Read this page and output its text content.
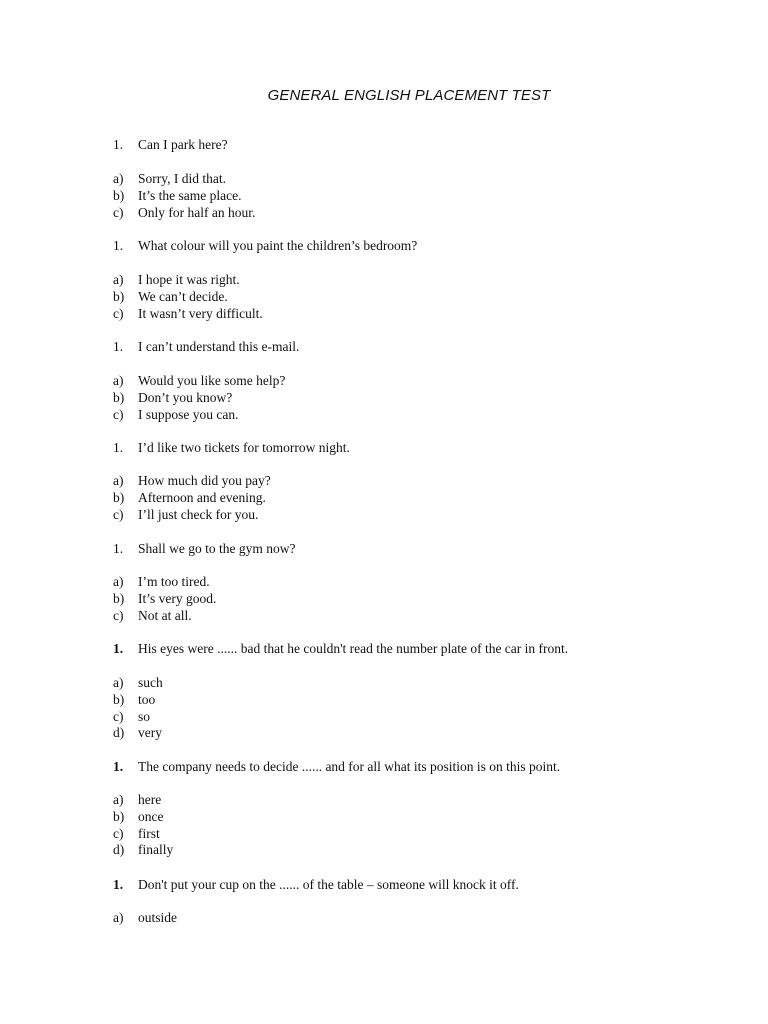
GENERAL ENGLISH PLACEMENT TEST
1. Can I park here?
a) Sorry, I did that.
b) It’s the same place.
c) Only for half an hour.
1. What colour will you paint the children’s bedroom?
a) I hope it was right.
b) We can’t decide.
c) It wasn’t very difficult.
1. I can’t understand this e-mail.
a) Would you like some help?
b) Don’t you know?
c) I suppose you can.
1. I’d like two tickets for tomorrow night.
a) How much did you pay?
b) Afternoon and evening.
c) I’ll just check for you.
1. Shall we go to the gym now?
a) I’m too tired.
b) It’s very good.
c) Not at all.
1. His eyes were ...... bad that he couldn't read the number plate of the car in front.
a) such
b) too
c) so
d) very
1. The company needs to decide ...... and for all what its position is on this point.
a) here
b) once
c) first
d) finally
1. Don't put your cup on the ...... of the table – someone will knock it off.
a) outside
